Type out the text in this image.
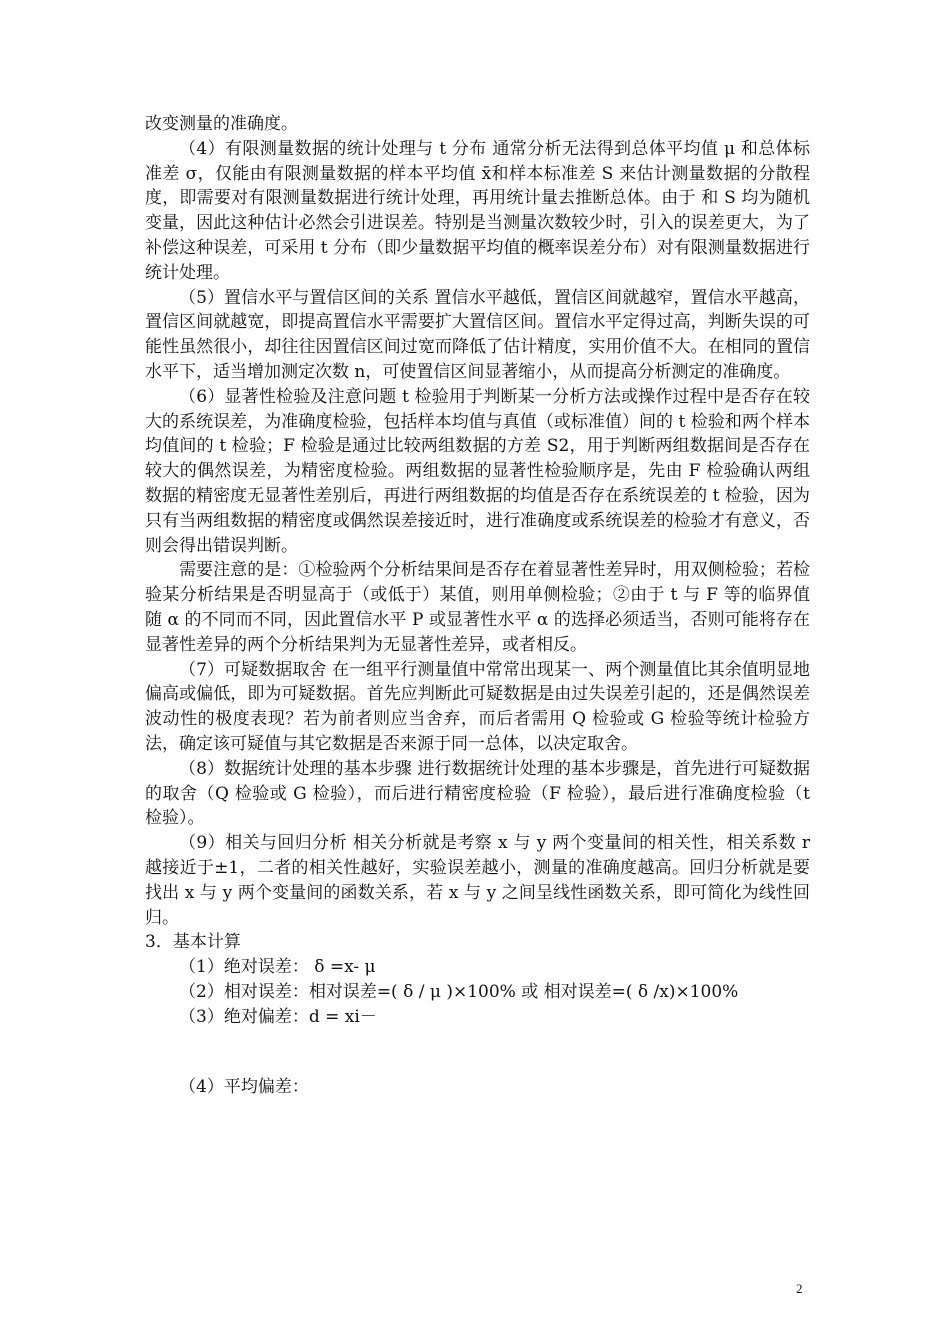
改变测量的准确度。

（4）有限测量数据的统计处理与 t 分布 通常分析无法得到总体平均值 μ 和总体标准差 σ，仅能由有限测量数据的样本平均值 x̄和样本标准差 S 来估计测量数据的分散程度，即需要对有限测量数据进行统计处理，再用统计量去推断总体。由于 和 S 均为随机变量，因此这种估计必然会引进误差。特别是当测量次数较少时，引入的误差更大，为了补偿这种误差，可采用 t 分布（即少量数据平均值的概率误差分布）对有限测量数据进行统计处理。

（5）置信水平与置信区间的关系 置信水平越低，置信区间就越窄，置信水平越高，置信区间就越宽，即提高置信水平需要扩大置信区间。置信水平定得过高，判断失误的可能性虽然很小，却往往因置信区间过宽而降低了估计精度，实用价值不大。在相同的置信水平下，适当增加测定次数 n，可使置信区间显著缩小，从而提高分析测定的准确度。

（6）显著性检验及注意问题 t 检验用于判断某一分析方法或操作过程中是否存在较大的系统误差，为准确度检验，包括样本均值与真值（或标准值）间的 t 检验和两个样本均值间的 t 检验；F 检验是通过比较两组数据的方差 S2，用于判断两组数据间是否存在较大的偶然误差，为精密度检验。两组数据的显著性检验顺序是，先由 F 检验确认两组数据的精密度无显著性差别后，再进行两组数据的均值是否存在系统误差的 t 检验，因为只有当两组数据的精密度或偶然误差接近时，进行准确度或系统误差的检验才有意义，否则会得出错误判断。

需要注意的是：①检验两个分析结果间是否存在着显著性差异时，用双侧检验；若检验某分析结果是否明显高于（或低于）某值，则用单侧检验；②由于 t 与 F 等的临界值随 α 的不同而不同，因此置信水平 P 或显著性水平 α 的选择必须适当，否则可能将存在显著性差异的两个分析结果判为无显著性差异，或者相反。

（7）可疑数据取舍 在一组平行测量值中常常出现某一、两个测量值比其余值明显地偏高或偏低，即为可疑数据。首先应判断此可疑数据是由过失误差引起的，还是偶然误差波动性的极度表现？若为前者则应当舍弃，而后者需用 Q 检验或 G 检验等统计检验方法，确定该可疑值与其它数据是否来源于同一总体，以决定取舍。

（8）数据统计处理的基本步骤 进行数据统计处理的基本步骤是，首先进行可疑数据的取舍（Q 检验或 G 检验），而后进行精密度检验（F 检验），最后进行准确度检验（t 检验）。

（9）相关与回归分析 相关分析就是考察 x 与 y 两个变量间的相关性，相关系数 r 越接近于±1，二者的相关性越好，实验误差越小，测量的准确度越高。回归分析就是要找出 x 与 y 两个变量间的函数关系，若 x 与 y 之间呈线性函数关系，即可简化为线性回归。

3．基本计算

（1）绝对误差： δ =x- μ

（2）相对误差：相对误差=( δ / μ )×100% 或 相对误差=( δ /x)×100%

（3）绝对偏差：d = xi－

（4）平均偏差：

2
